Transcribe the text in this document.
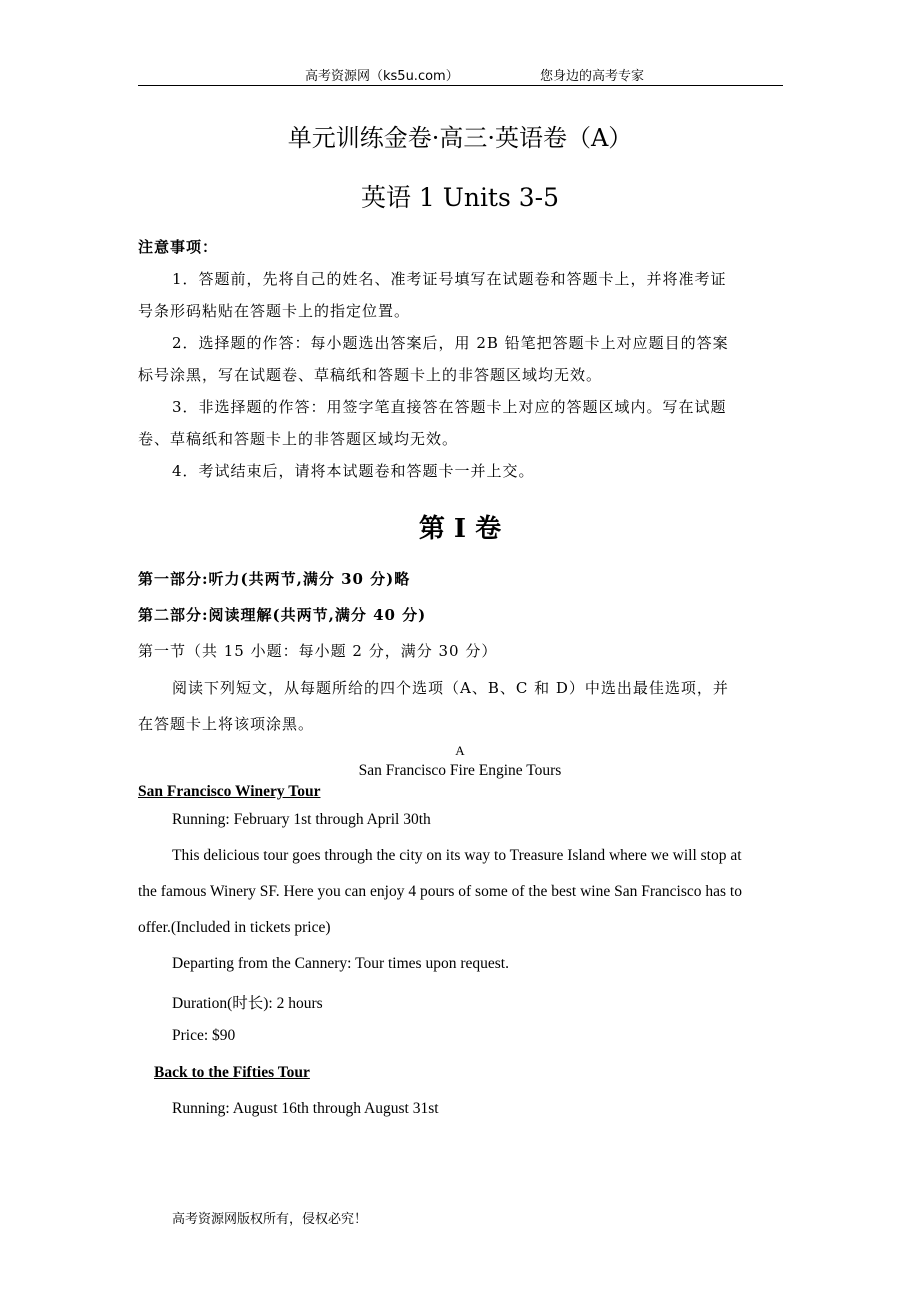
高考资源网（ks5u.com）	您身边的高考专家
单元训练金卷·高三·英语卷（A）
英语 1 Units 3-5
注意事项：
1．答题前，先将自己的姓名、准考证号填写在试题卷和答题卡上，并将准考证
号条形码粘贴在答题卡上的指定位置。
2．选择题的作答：每小题选出答案后，用 2B 铅笔把答题卡上对应题目的答案
标号涂黑，写在试题卷、草稿纸和答题卡上的非答题区域均无效。
3．非选择题的作答：用签字笔直接答在答题卡上对应的答题区域内。写在试题
卷、草稿纸和答题卡上的非答题区域均无效。
4．考试结束后，请将本试题卷和答题卡一并上交。
第 I 卷
第一部分:听力(共两节,满分 30 分)略
第二部分:阅读理解(共两节,满分 40 分)
第一节（共 15 小题：每小题 2 分，满分 30 分）
阅读下列短文，从每题所给的四个选项（A、B、C 和 D）中选出最佳选项，并
在答题卡上将该项涂黑。
A
San Francisco Fire Engine Tours
San Francisco Winery Tour
Running: February 1st through April 30th
This delicious tour goes through the city on its way to Treasure Island where we will stop at
the famous Winery SF. Here you can enjoy 4 pours of some of the best wine San Francisco has to
offer.(Included in tickets price)
Departing from the Cannery: Tour times upon request.
Duration(时长): 2 hours
Price: $90
Back to the Fifties Tour
Running: August 16th through August 31st
高考资源网版权所有，侵权必究！
